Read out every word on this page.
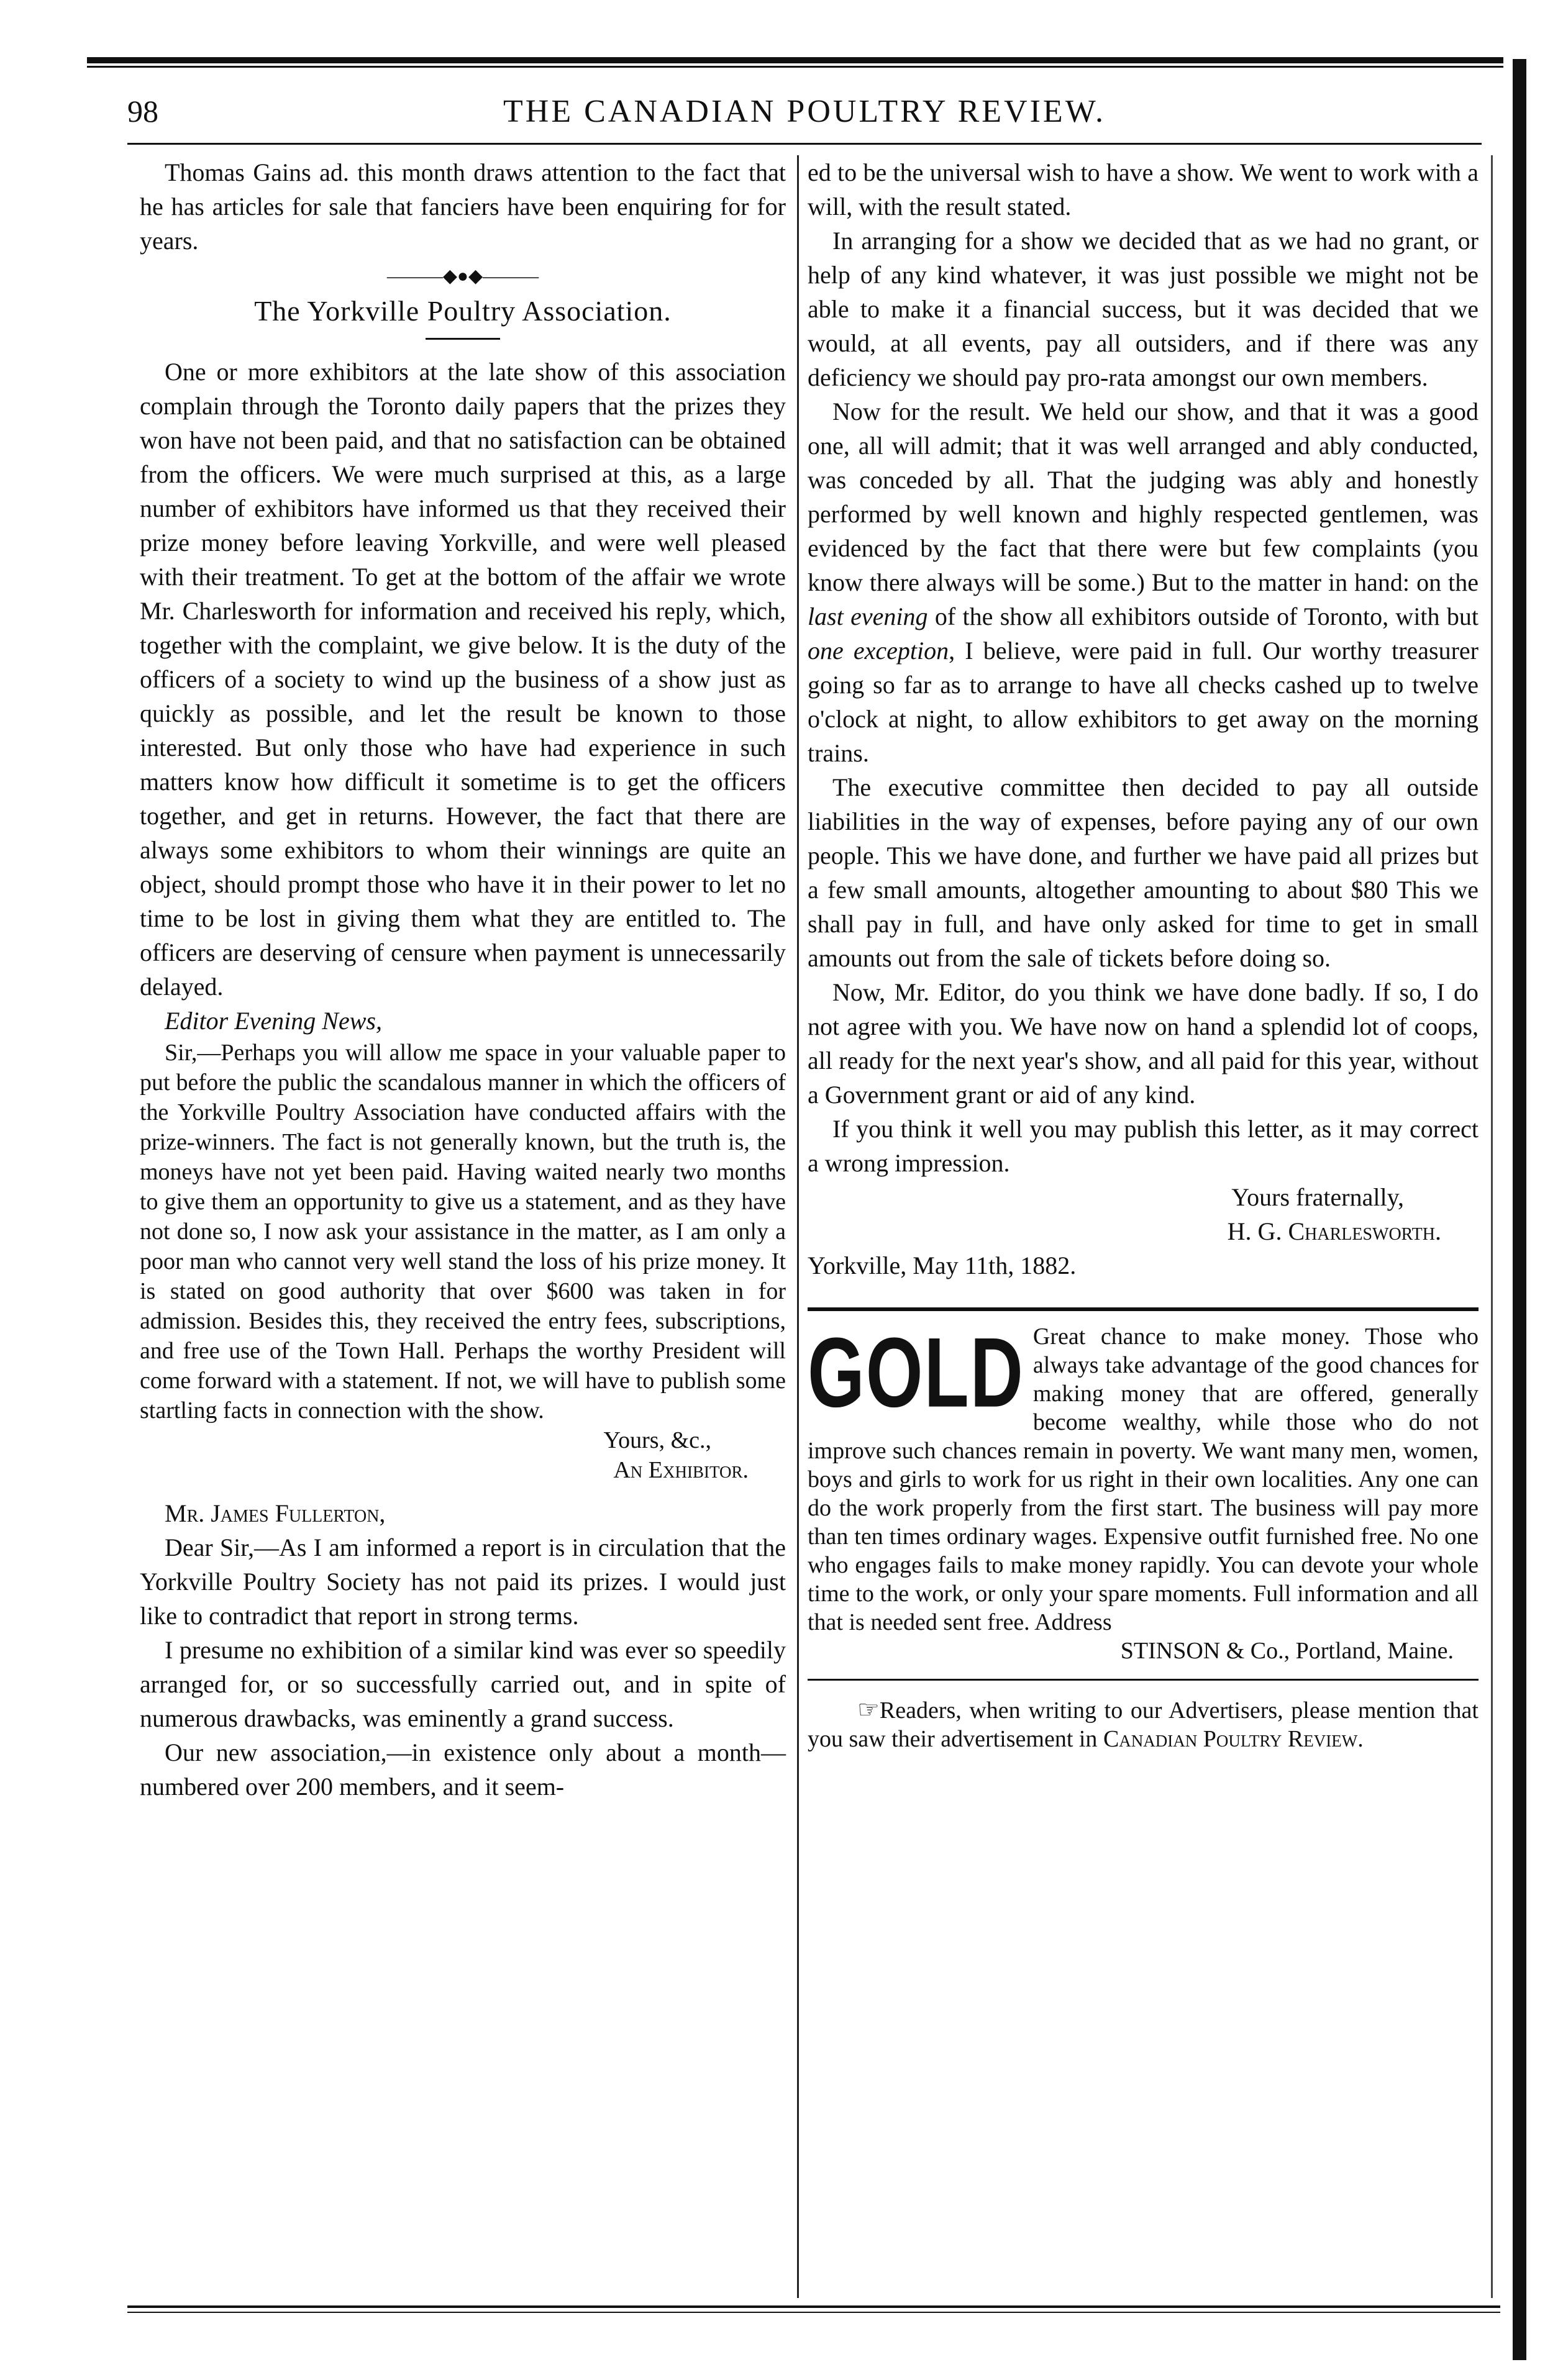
98	THE CANADIAN POULTRY REVIEW.

Thomas Gains ad. this month draws attention to the fact that he has articles for sale that fanciers have been enquiring for for years.

———◆●◆———
The Yorkville Poultry Association.

One or more exhibitors at the late show of this association complain through the Toronto daily papers that the prizes they won have not been paid, and that no satisfaction can be obtained from the officers. We were much surprised at this, as a large number of exhibitors have informed us that they received their prize money before leaving Yorkville, and were well pleased with their treatment. To get at the bottom of the affair we wrote Mr. Charlesworth for information and received his reply, which, together with the complaint, we give below. It is the duty of the officers of a society to wind up the business of a show just as quickly as possible, and let the result be known to those interested. But only those who have had experience in such matters know how difficult it sometime is to get the officers together, and get in returns. However, the fact that there are always some exhibitors to whom their winnings are quite an object, should prompt those who have it in their power to let no time to be lost in giving them what they are entitled to. The officers are deserving of censure when payment is unnecessarily delayed.

Editor Evening News,

Sir,—Perhaps you will allow me space in your valuable paper to put before the public the scandalous manner in which the officers of the Yorkville Poultry Association have conducted affairs with the prize-winners. The fact is not generally known, but the truth is, the moneys have not yet been paid. Having waited nearly two months to give them an opportunity to give us a statement, and as they have not done so, I now ask your assistance in the matter, as I am only a poor man who cannot very well stand the loss of his prize money. It is stated on good authority that over $600 was taken in for admission. Besides this, they received the entry fees, subscriptions, and free use of the Town Hall. Perhaps the worthy President will come forward with a statement. If not, we will have to publish some startling facts in connection with the show.

Yours, &c.,

An Exhibitor.

Mr. James Fullerton,

Dear Sir,—As I am informed a report is in circulation that the Yorkville Poultry Society has not paid its prizes. I would just like to contradict that report in strong terms.

I presume no exhibition of a similar kind was ever so speedily arranged for, or so successfully carried out, and in spite of numerous drawbacks, was eminently a grand success.

Our new association,—in existence only about a month—numbered over 200 members, and it seem-

ed to be the universal wish to have a show. We went to work with a will, with the result stated.

In arranging for a show we decided that as we had no grant, or help of any kind whatever, it was just possible we might not be able to make it a financial success, but it was decided that we would, at all events, pay all outsiders, and if there was any deficiency we should pay pro-rata amongst our own members.

Now for the result. We held our show, and that it was a good one, all will admit; that it was well arranged and ably conducted, was conceded by all. That the judging was ably and honestly performed by well known and highly respected gentlemen, was evidenced by the fact that there were but few complaints (you know there always will be some.) But to the matter in hand: on the last evening of the show all exhibitors outside of Toronto, with but one exception, I believe, were paid in full. Our worthy treasurer going so far as to arrange to have all checks cashed up to twelve o'clock at night, to allow exhibitors to get away on the morning trains.

The executive committee then decided to pay all outside liabilities in the way of expenses, before paying any of our own people. This we have done, and further we have paid all prizes but a few small amounts, altogether amounting to about $80 This we shall pay in full, and have only asked for time to get in small amounts out from the sale of tickets before doing so.

Now, Mr. Editor, do you think we have done badly. If so, I do not agree with you. We have now on hand a splendid lot of coops, all ready for the next year's show, and all paid for this year, without a Government grant or aid of any kind.

If you think it well you may publish this letter, as it may correct a wrong impression.

Yours fraternally,

H. G. Charlesworth.

Yorkville, May 11th, 1882.

GOLD Great chance to make money. Those who always take advantage of the good chances for making money that are offered, generally become wealthy, while those who do not improve such chances remain in poverty. We want many men, women, boys and girls to work for us right in their own localities. Any one can do the work properly from the first start. The business will pay more than ten times ordinary wages. Expensive outfit furnished free. No one who engages fails to make money rapidly. You can devote your whole time to the work, or only your spare moments. Full information and all that is needed sent free. Address
STINSON & Co., Portland, Maine.

☞Readers, when writing to our Advertisers, please mention that you saw their advertisement in Canadian Poultry Review.
